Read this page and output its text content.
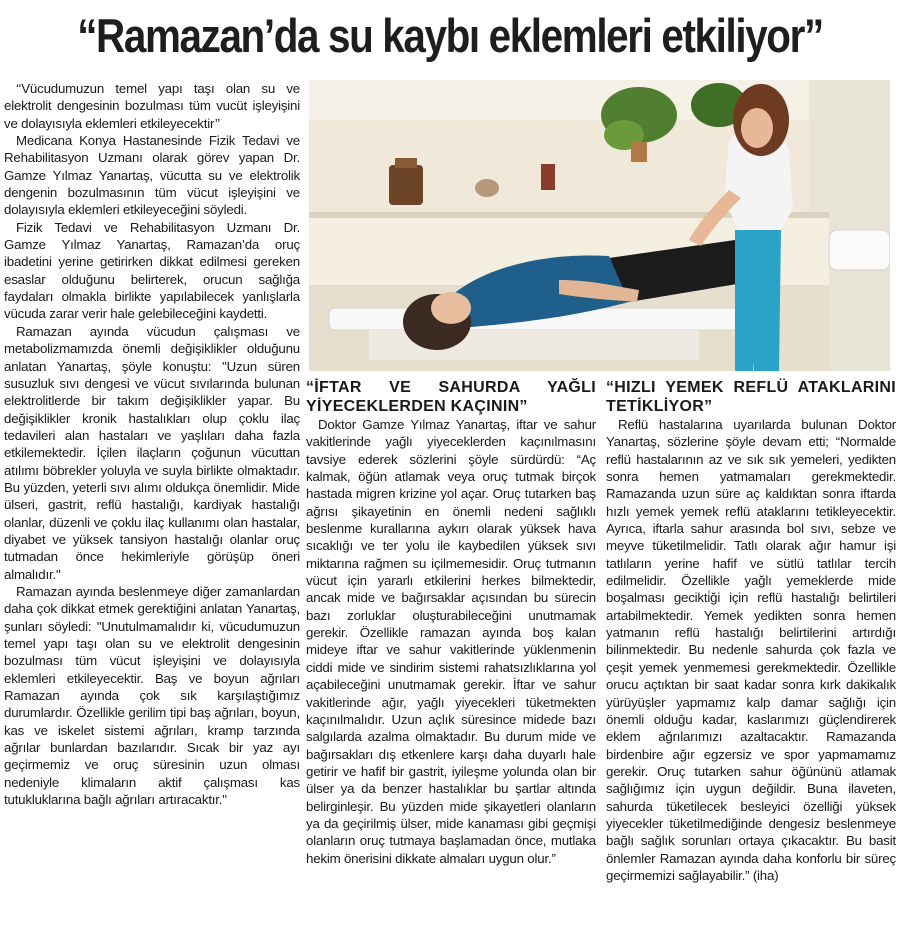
“Ramazan’da su kaybı eklemleri etkiliyor”

‘‘Vücudumuzun temel yapı taşı olan su ve elektrolit dengesinin bozulması tüm vucüt işleyişini ve dolayısıyla eklemleri etkileyecektir’’

Medicana Konya Hastanesinde Fizik Tedavi ve Rehabilitasyon Uzmanı olarak görev yapan Dr. Gamze Yılmaz Yanartaş, vücutta su ve elektrolik dengenin bozulmasının tüm vücut işleyişini ve dolayısıyla eklemleri etkileyeceğini söyledi.

Fizik Tedavi ve Rehabilitasyon Uzmanı Dr. Gamze Yılmaz Yanartaş, Ramazan’da oruç ibadetini yerine getirirken dikkat edilmesi gereken esaslar olduğunu belirterek, orucun sağlığa faydaları olmakla birlikte yapılabilecek yanlışlarla vücuda zarar verir hale gelebileceğini kaydetti.

Ramazan ayında vücudun çalışması ve metabolizmamızda önemli değişiklikler olduğunu anlatan Yanartaş, şöyle konuştu: "Uzun süren susuzluk sıvı dengesi ve vücut sıvılarında bulunan elektrolitlerde bir takım değişiklikler yapar. Bu değişiklikler kronik hastalıkları olup çoklu ilaç tedavileri alan hastaları ve yaşlıları daha fazla etkilemektedir. İçilen ilaçların çoğunun vücuttan atılımı böbrekler yoluyla ve suyla birlikte olmaktadır. Bu yüzden, yeterli sıvı alımı oldukça önemlidir. Mide ülseri, gastrit, reflü hastalığı, kardiyak hastalığı olanlar, düzenli ve çoklu ilaç kullanımı olan hastalar, diyabet ve yüksek tansiyon hastalığı olanlar oruç tutmadan önce hekimleriyle görüşüp öneri almalıdır."

Ramazan ayında beslenmeye diğer zamanlardan daha çok dikkat etmek gerektiğini anlatan Yanartaş, şunları söyledi: "Unutulmamalıdır ki, vücudumuzun temel yapı taşı olan su ve elektrolit dengesinin bozulması tüm vücut işleyişini ve dolayısıyla eklemleri etkileyecektir. Baş ve boyun ağrıları Ramazan ayında çok sık karşılaştığımız durumlardır. Özellikle gerilim tipi baş ağrıları, boyun, kas ve iskelet sistemi ağrıları, kramp tarzında ağrılar bunlardan bazılarıdır. Sıcak bir yaz ayı geçirmemiz ve oruç süresinin uzun olması nedeniyle klimaların aktif çalışması kas tutukluklarına bağlı ağrıları artıracaktır."

“İFTAR VE SAHURDA YAĞLI YİYECEKLERDEN KAÇININ”

Doktor Gamze Yılmaz Yanartaş, iftar ve sahur vakitlerinde yağlı yiyeceklerden kaçınılmasını tavsiye ederek sözlerini şöyle sürdürdü: “Aç kalmak, öğün atlamak veya oruç tutmak birçok hastada migren krizine yol açar. Oruç tutarken baş ağrısı şikayetinin en önemli nedeni sağlıklı beslenme kurallarına aykırı olarak yüksek hava sıcaklığı ve ter yolu ile kaybedilen yüksek sıvı miktarına rağmen su içilmemesidir. Oruç tutmanın vücut için yararlı etkilerini herkes bilmektedir, ancak mide ve bağırsaklar açısından bu sürecin bazı zorluklar oluşturabileceğini unutmamak gerekir. Özellikle ramazan ayında boş kalan mideye iftar ve sahur vakitlerinde yüklenmenin ciddi mide ve sindirim sistemi rahatsızlıklarına yol açabileceğini unutmamak gerekir. İftar ve sahur vakitlerinde ağır, yağlı yiyecekleri tüketmekten kaçınılmalıdır. Uzun açlık süresince midede bazı salgılarda azalma olmaktadır. Bu durum mide ve bağırsakları dış etkenlere karşı daha duyarlı hale getirir ve hafif bir gastrit, iyileşme yolunda olan bir ülser ya da benzer hastalıklar bu şartlar altında belirginleşir. Bu yüzden mide şikayetleri olanların ya da geçirilmiş ülser, mide kanaması gibi geçmişi olanların oruç tutmaya başlamadan önce, mutlaka hekim önerisini dikkate almaları uygun olur.”

“HIZLI YEMEK REFLÜ ATAKLARINI TETİKLİYOR”

Reflü hastalarına uyarılarda bulunan Doktor Yanartaş, sözlerine şöyle devam etti; “Normalde reflü hastalarının az ve sık sık yemeleri, yedikten sonra hemen yatmamaları gerekmektedir. Ramazanda uzun süre aç kaldıktan sonra iftarda hızlı yemek yemek reflü ataklarını tetikleyecektir. Ayrıca, iftarla sahur arasında bol sıvı, sebze ve meyve tüketilmelidir. Tatlı olarak ağır hamur işi tatlıların yerine hafif ve sütlü tatlılar tercih edilmelidir. Özellikle yağlı yemeklerde mide boşalması gecikti̇ği için reflü hastalığı belirtileri artabilmektedir. Yemek yedikten sonra hemen yatmanın reflü hastalığı belirtilerini artırdığı bilinmektedir. Bu nedenle sahurda çok fazla ve çeşit yemek yenmemesi gerekmektedir. Özellikle orucu açtıktan bir saat kadar sonra kırk dakikalık yürüyüşler yapmamız kalp damar sağlığı için önemli olduğu kadar, kaslarımızı güçlendirerek eklem ağrılarımızı azaltacaktır. Ramazanda birdenbire ağır egzersiz ve spor yapmamamız gerekir. Oruç tutarken sahur öğününü atlamak sağlığımız için uygun değildir. Buna ilaveten, sahurda tüketilecek besleyici özelliği yüksek yiyecekler tüketilmediğinde dengesiz beslenmeye bağlı sağlık sorunları ortaya çıkacaktır. Bu basit önlemler Ramazan ayında daha konforlu bir süreç geçirmemizi sağlayabilir.” (iha)
